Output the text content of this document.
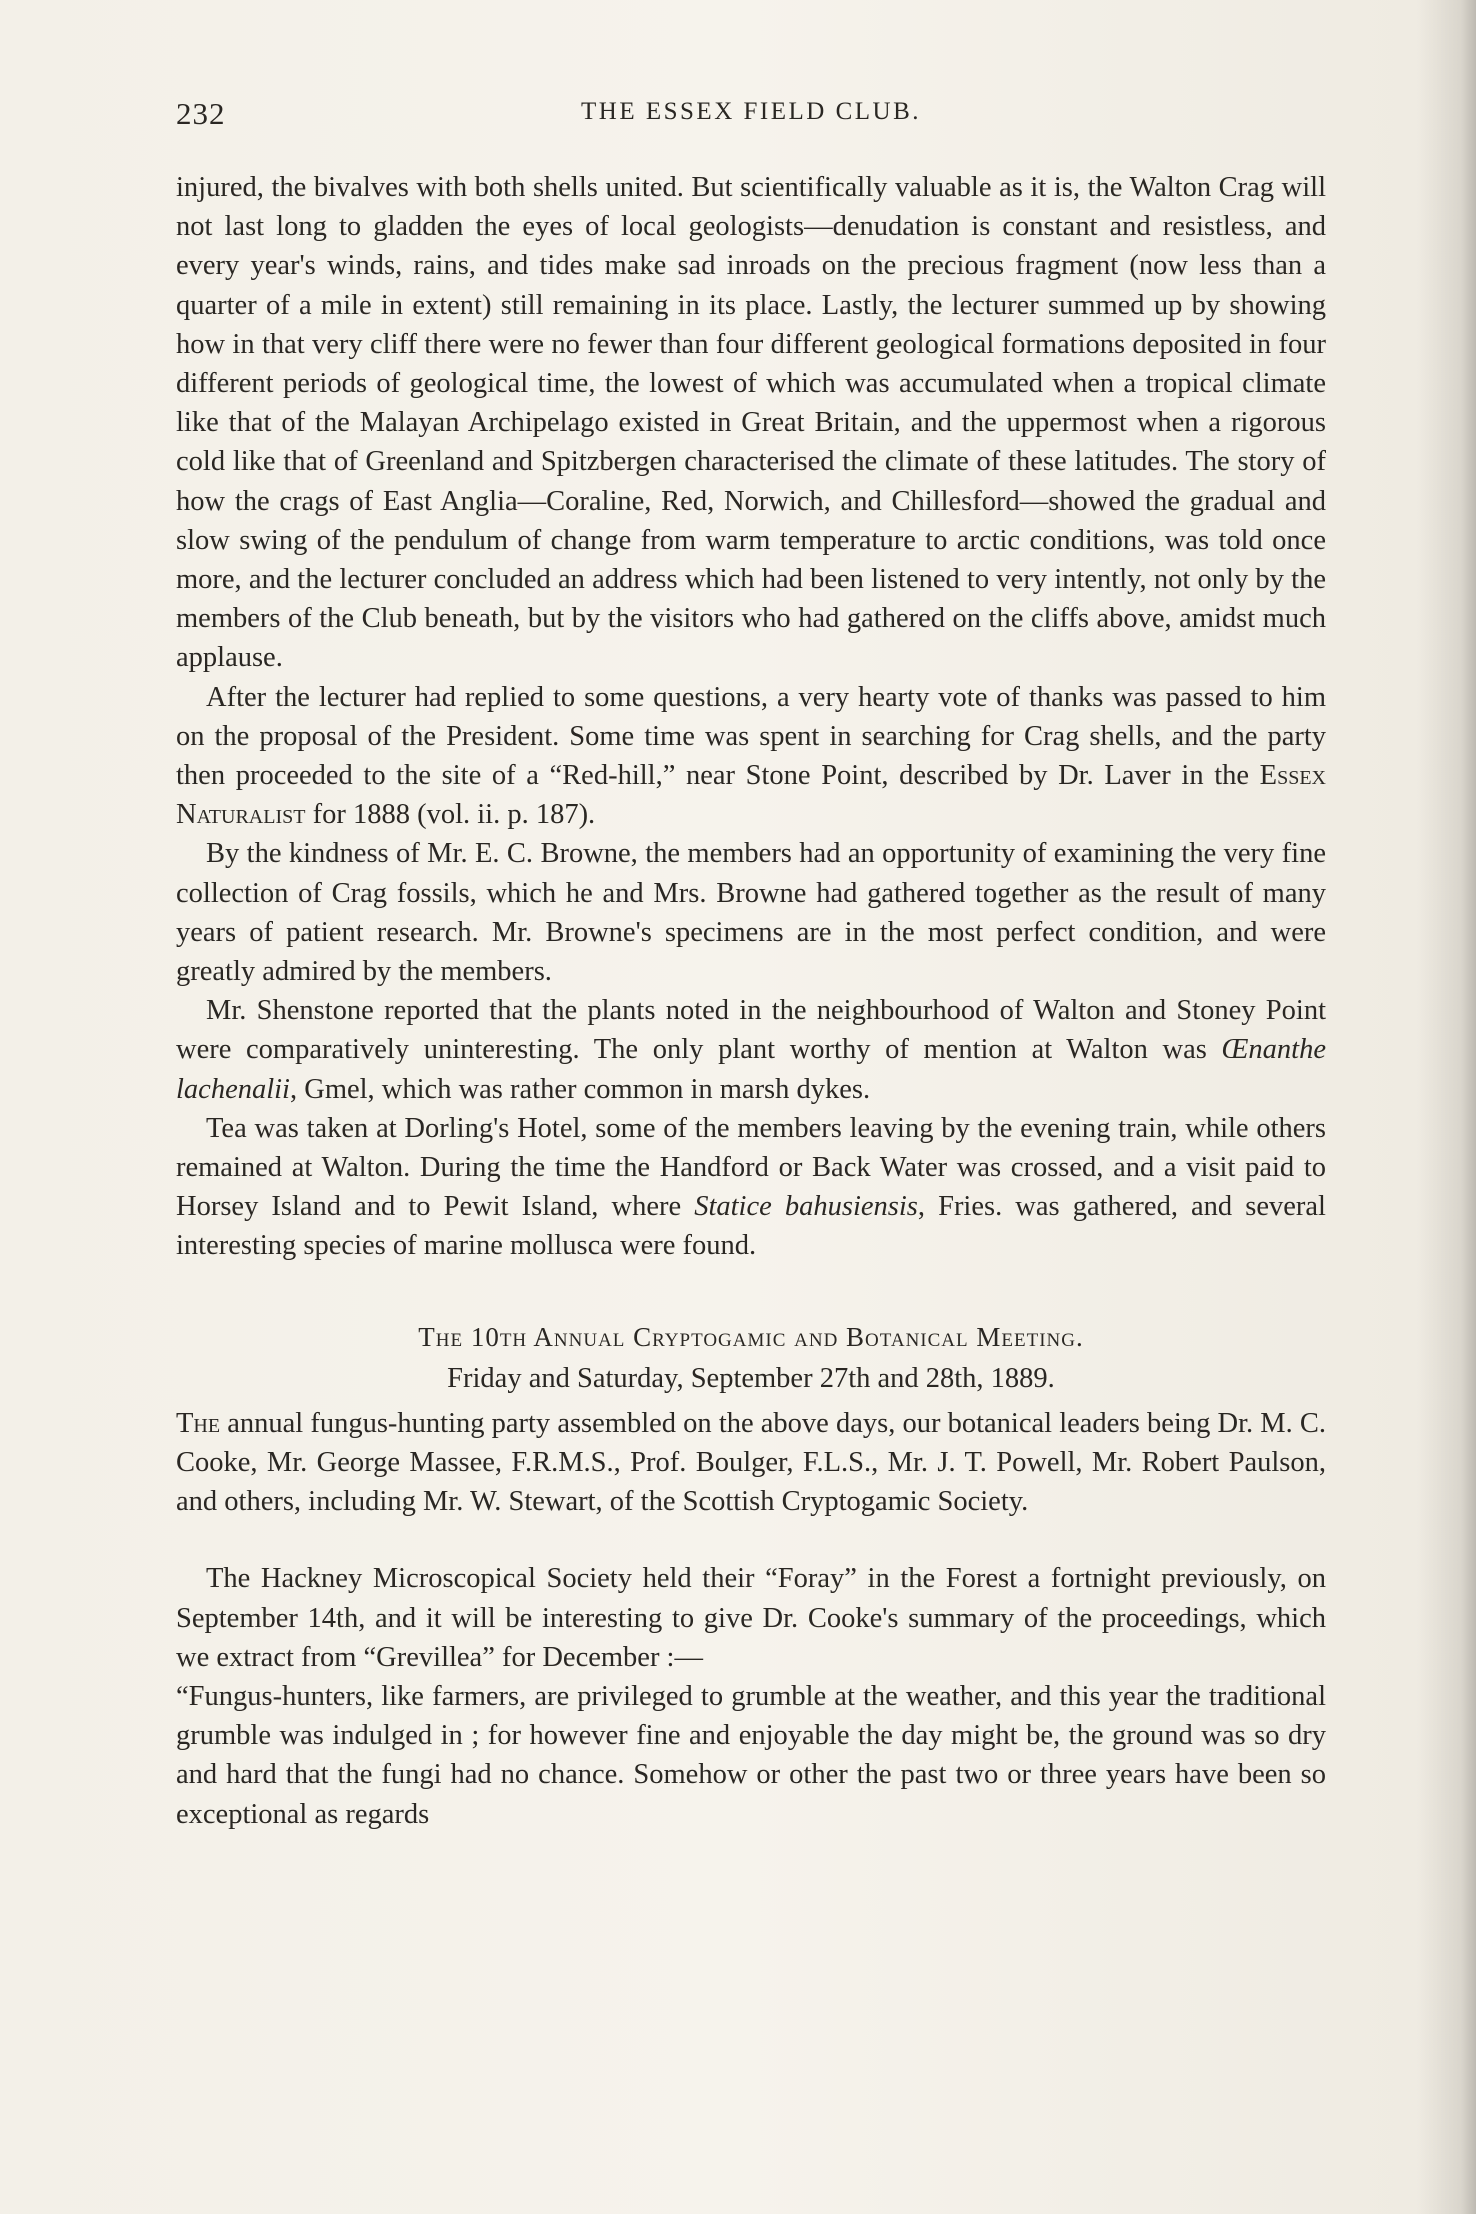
232	THE ESSEX FIELD CLUB.

injured, the bivalves with both shells united. But scientifically valuable as it is, the Walton Crag will not last long to gladden the eyes of local geologists—denudation is constant and resistless, and every year's winds, rains, and tides make sad inroads on the precious fragment (now less than a quarter of a mile in extent) still remaining in its place. Lastly, the lecturer summed up by showing how in that very cliff there were no fewer than four different geological formations deposited in four different periods of geological time, the lowest of which was accumulated when a tropical climate like that of the Malayan Archipelago existed in Great Britain, and the uppermost when a rigorous cold like that of Greenland and Spitzbergen characterised the climate of these latitudes. The story of how the crags of East Anglia—Coraline, Red, Norwich, and Chillesford—showed the gradual and slow swing of the pendulum of change from warm temperature to arctic conditions, was told once more, and the lecturer concluded an address which had been listened to very intently, not only by the members of the Club beneath, but by the visitors who had gathered on the cliffs above, amidst much applause.

After the lecturer had replied to some questions, a very hearty vote of thanks was passed to him on the proposal of the President. Some time was spent in searching for Crag shells, and the party then proceeded to the site of a “Red-hill,” near Stone Point, described by Dr. Laver in the Essex Naturalist for 1888 (vol. ii. p. 187).

By the kindness of Mr. E. C. Browne, the members had an opportunity of examining the very fine collection of Crag fossils, which he and Mrs. Browne had gathered together as the result of many years of patient research. Mr. Browne's specimens are in the most perfect condition, and were greatly admired by the members.

Mr. Shenstone reported that the plants noted in the neighbourhood of Walton and Stoney Point were comparatively uninteresting. The only plant worthy of mention at Walton was Œnanthe lachenalii, Gmel, which was rather common in marsh dykes.

Tea was taken at Dorling's Hotel, some of the members leaving by the evening train, while others remained at Walton. During the time the Handford or Back Water was crossed, and a visit paid to Horsey Island and to Pewit Island, where Statice bahusiensis, Fries. was gathered, and several interesting species of marine mollusca were found.

The 10th Annual Cryptogamic and Botanical Meeting.
Friday and Saturday, September 27th and 28th, 1889.

The annual fungus-hunting party assembled on the above days, our botanical leaders being Dr. M. C. Cooke, Mr. George Massee, F.R.M.S., Prof. Boulger, F.L.S., Mr. J. T. Powell, Mr. Robert Paulson, and others, including Mr. W. Stewart, of the Scottish Cryptogamic Society.

The Hackney Microscopical Society held their “Foray” in the Forest a fortnight previously, on September 14th, and it will be interesting to give Dr. Cooke's summary of the proceedings, which we extract from “Grevillea” for December :—

“Fungus-hunters, like farmers, are privileged to grumble at the weather, and this year the traditional grumble was indulged in ; for however fine and enjoyable the day might be, the ground was so dry and hard that the fungi had no chance. Somehow or other the past two or three years have been so exceptional as regards
